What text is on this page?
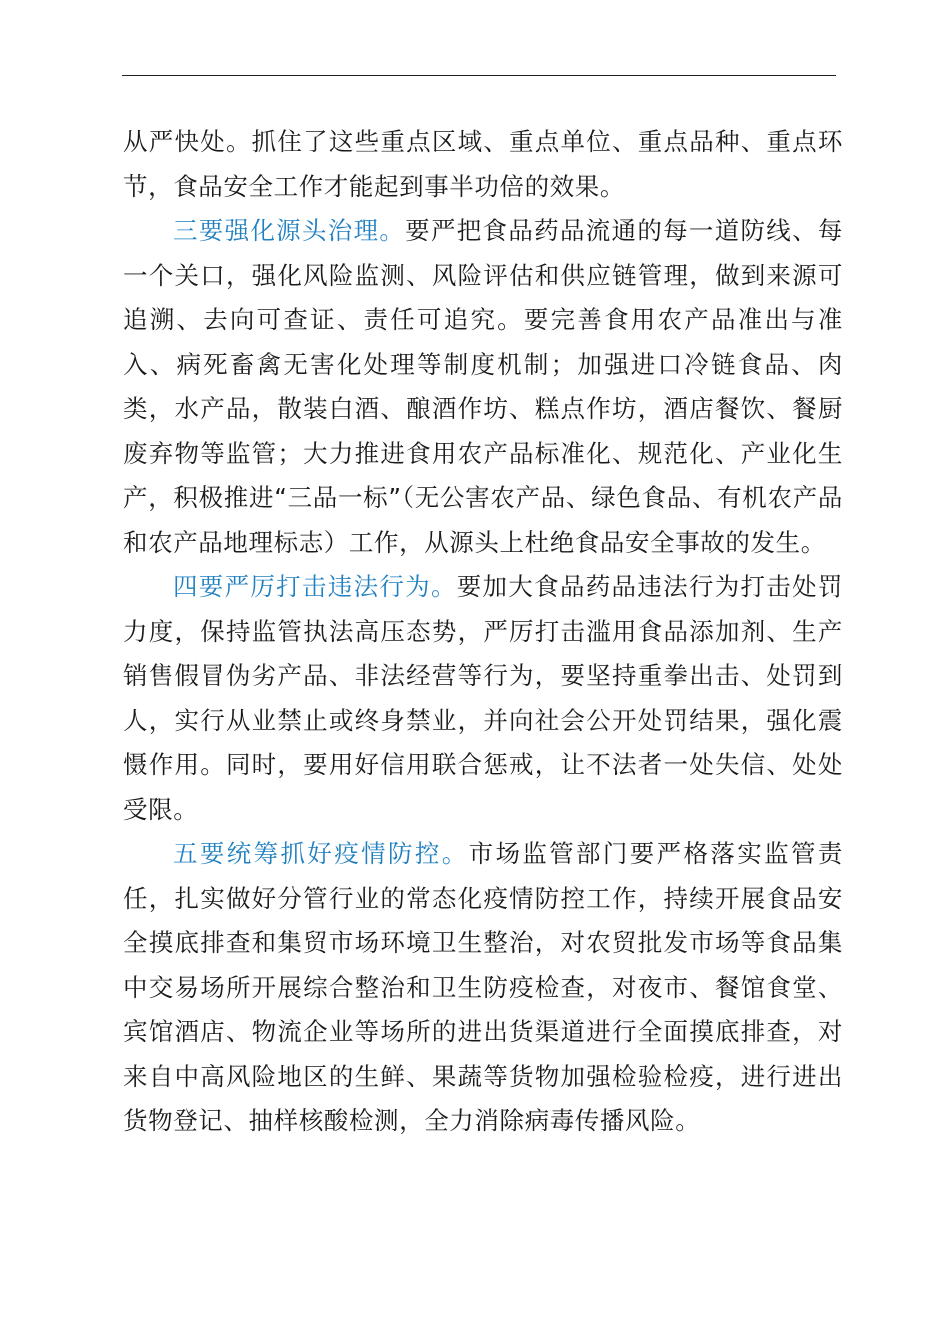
从严快处。抓住了这些重点区域、重点单位、重点品种、重点环节，食品安全工作才能起到事半功倍的效果。

三要强化源头治理。要严把食品药品流通的每一道防线、每一个关口，强化风险监测、风险评估和供应链管理，做到来源可追溯、去向可查证、责任可追究。要完善食用农产品准出与准入、病死畜禽无害化处理等制度机制；加强进口冷链食品、肉类，水产品，散装白酒、酿酒作坊、糕点作坊，酒店餐饮、餐厨废弃物等监管；大力推进食用农产品标准化、规范化、产业化生产，积极推进“三品一标”（无公害农产品、绿色食品、有机农产品和农产品地理标志）工作，从源头上杜绝食品安全事故的发生。

四要严厉打击违法行为。要加大食品药品违法行为打击处罚力度，保持监管执法高压态势，严厉打击滥用食品添加剂、生产销售假冒伪劣产品、非法经营等行为，要坚持重拳出击、处罚到人，实行从业禁止或终身禁业，并向社会公开处罚结果，强化震慑作用。同时，要用好信用联合惩戒，让不法者一处失信、处处受限。

五要统筹抓好疫情防控。市场监管部门要严格落实监管责任，扎实做好分管行业的常态化疫情防控工作，持续开展食品安全摸底排查和集贸市场环境卫生整治，对农贸批发市场等食品集中交易场所开展综合整治和卫生防疫检查，对夜市、餐馆食堂、宾馆酒店、物流企业等场所的进出货渠道进行全面摸底排查，对来自中高风险地区的生鲜、果蔬等货物加强检验检疫，进行进出货物登记、抽样核酸检测，全力消除病毒传播风险。
